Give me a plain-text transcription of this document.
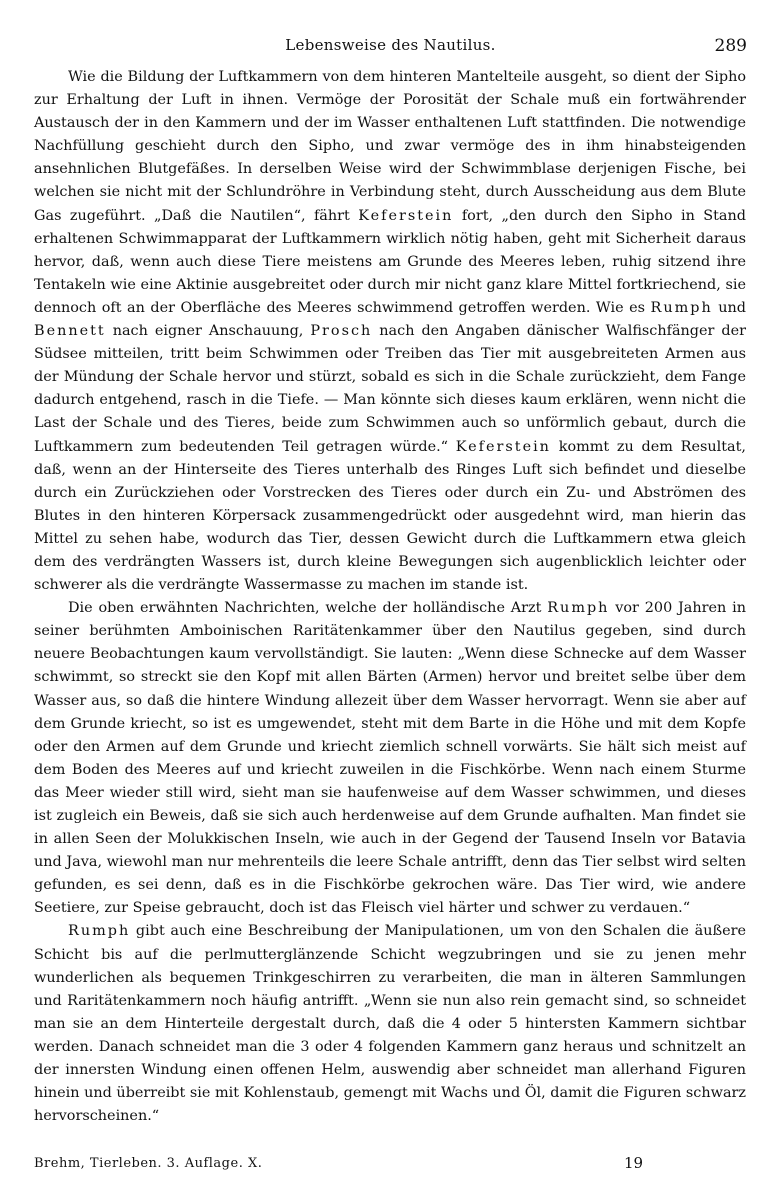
Lebensweise des Nautilus.	289

Wie die Bildung der Luftkammern von dem hinteren Mantelteile ausgeht, so dient der Sipho zur Erhaltung der Luft in ihnen. Vermöge der Porosität der Schale muß ein fortwährender Austausch der in den Kammern und der im Wasser enthaltenen Luft stattfinden. Die notwendige Nachfüllung geschieht durch den Sipho, und zwar vermöge des in ihm hinabsteigenden ansehnlichen Blutgefäßes. In derselben Weise wird der Schwimmblase derjenigen Fische, bei welchen sie nicht mit der Schlundröhre in Verbindung steht, durch Ausscheidung aus dem Blute Gas zugeführt. „Daß die Nautilen“, fährt Keferstein fort, „den durch den Sipho in Stand erhaltenen Schwimmapparat der Luftkammern wirklich nötig haben, geht mit Sicherheit daraus hervor, daß, wenn auch diese Tiere meistens am Grunde des Meeres leben, ruhig sitzend ihre Tentakeln wie eine Aktinie ausgebreitet oder durch mir nicht ganz klare Mittel fortkriechend, sie dennoch oft an der Oberfläche des Meeres schwimmend getroffen werden. Wie es Rumph und Bennett nach eigner Anschauung, Prosch nach den Angaben dänischer Walfischfänger der Südsee mitteilen, tritt beim Schwimmen oder Treiben das Tier mit ausgebreiteten Armen aus der Mündung der Schale hervor und stürzt, sobald es sich in die Schale zurückzieht, dem Fange dadurch entgehend, rasch in die Tiefe. — Man könnte sich dieses kaum erklären, wenn nicht die Last der Schale und des Tieres, beide zum Schwimmen auch so unförmlich gebaut, durch die Luftkammern zum bedeutenden Teil getragen würde.“ Keferstein kommt zu dem Resultat, daß, wenn an der Hinterseite des Tieres unterhalb des Ringes Luft sich befindet und dieselbe durch ein Zurückziehen oder Vorstrecken des Tieres oder durch ein Zu- und Abströmen des Blutes in den hinteren Körpersack zusammengedrückt oder ausgedehnt wird, man hierin das Mittel zu sehen habe, wodurch das Tier, dessen Gewicht durch die Luftkammern etwa gleich dem des verdrängten Wassers ist, durch kleine Bewegungen sich augenblicklich leichter oder schwerer als die verdrängte Wassermasse zu machen im stande ist.

Die oben erwähnten Nachrichten, welche der holländische Arzt Rumph vor 200 Jahren in seiner berühmten Amboinischen Raritätenkammer über den Nautilus gegeben, sind durch neuere Beobachtungen kaum vervollständigt. Sie lauten: „Wenn diese Schnecke auf dem Wasser schwimmt, so streckt sie den Kopf mit allen Bärten (Armen) hervor und breitet selbe über dem Wasser aus, so daß die hintere Windung allezeit über dem Wasser hervorragt. Wenn sie aber auf dem Grunde kriecht, so ist es umgewendet, steht mit dem Barte in die Höhe und mit dem Kopfe oder den Armen auf dem Grunde und kriecht ziemlich schnell vorwärts. Sie hält sich meist auf dem Boden des Meeres auf und kriecht zuweilen in die Fischkörbe. Wenn nach einem Sturme das Meer wieder still wird, sieht man sie haufenweise auf dem Wasser schwimmen, und dieses ist zugleich ein Beweis, daß sie sich auch herdenweise auf dem Grunde aufhalten. Man findet sie in allen Seen der Molukkischen Inseln, wie auch in der Gegend der Tausend Inseln vor Batavia und Java, wiewohl man nur mehrenteils die leere Schale antrifft, denn das Tier selbst wird selten gefunden, es sei denn, daß es in die Fischkörbe gekrochen wäre. Das Tier wird, wie andere Seetiere, zur Speise gebraucht, doch ist das Fleisch viel härter und schwer zu verdauen.“

Rumph gibt auch eine Beschreibung der Manipulationen, um von den Schalen die äußere Schicht bis auf die perlmutterglänzende Schicht wegzubringen und sie zu jenen mehr wunderlichen als bequemen Trinkgeschirren zu verarbeiten, die man in älteren Sammlungen und Raritätenkammern noch häufig antrifft. „Wenn sie nun also rein gemacht sind, so schneidet man sie an dem Hinterteile dergestalt durch, daß die 4 oder 5 hintersten Kammern sichtbar werden. Danach schneidet man die 3 oder 4 folgenden Kammern ganz heraus und schnitzelt an der innersten Windung einen offenen Helm, auswendig aber schneidet man allerhand Figuren hinein und überreibt sie mit Kohlenstaub, gemengt mit Wachs und Öl, damit die Figuren schwarz hervorscheinen.“

Brehm, Tierleben. 3. Auflage. X.	19
